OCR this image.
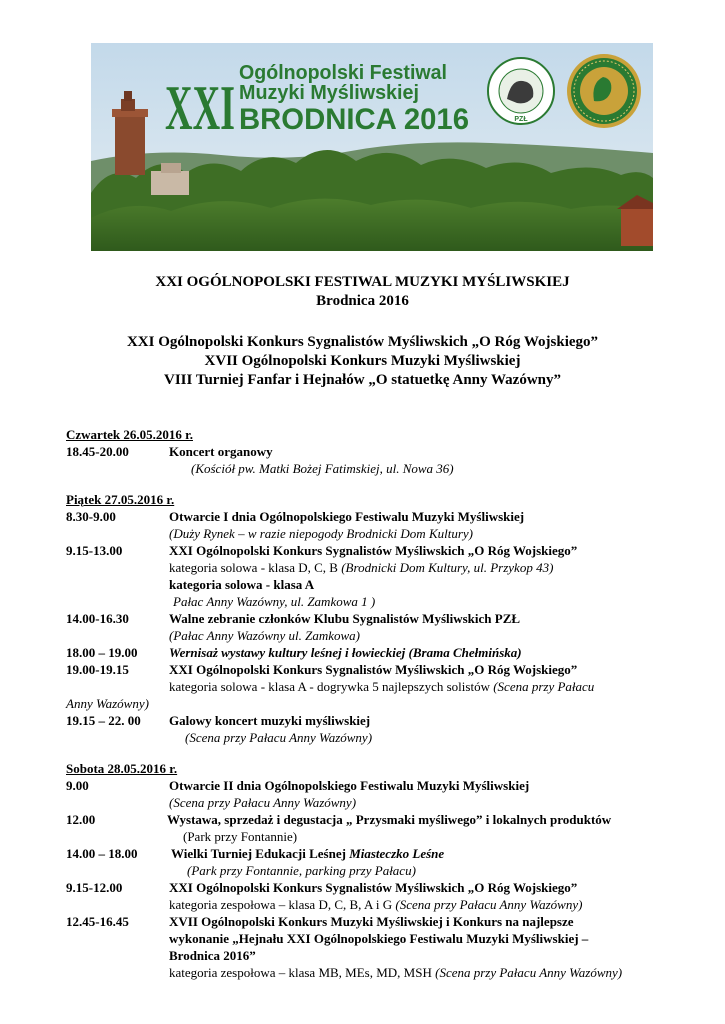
XXI Ogólnopolski Festiwal
Muzyki Myśliwskiej
BRODNICA 2016	PZŁ
XXI OGÓLNOPOLSKI FESTIWAL MUZYKI MYŚLIWSKIEJ
Brodnica 2016
XXI Ogólnopolski Konkurs Sygnalistów Myśliwskich „O Róg Wojskiego”
XVII Ogólnopolski Konkurs Muzyki Myśliwskiej
VIII Turniej Fanfar i Hejnałów „O statuetkę Anny Wazówny”
Czwartek 26.05.2016 r.
18.45-20.00	Koncert organowy
(Kościół pw. Matki Bożej Fatimskiej, ul. Nowa 36)
Piątek 27.05.2016 r.
8.30-9.00	Otwarcie I dnia Ogólnopolskiego Festiwalu Muzyki Myśliwskiej
(Duży Rynek – w razie niepogody Brodnicki Dom Kultury)
9.15-13.00	XXI Ogólnopolski Konkurs Sygnalistów Myśliwskich „O Róg Wojskiego”
kategoria solowa - klasa D, C, B (Brodnicki Dom Kultury, ul. Przykop 43)
kategoria solowa - klasa A
Pałac Anny Wazówny, ul. Zamkowa 1 )
14.00-16.30	Walne zebranie członków Klubu Sygnalistów Myśliwskich PZŁ
(Pałac Anny Wazówny ul. Zamkowa)
18.00 – 19.00	Wernisaż wystawy kultury leśnej i łowieckiej (Brama Chełmińska)
19.00-19.15	XXI Ogólnopolski Konkurs Sygnalistów Myśliwskich „O Róg Wojskiego”
kategoria solowa - klasa A - dogrywka 5 najlepszych solistów (Scena przy Pałacu
Anny Wazówny)
19.15 – 22. 00	Galowy koncert muzyki myśliwskiej
(Scena przy Pałacu Anny Wazówny)
Sobota 28.05.2016 r.
9.00	Otwarcie II dnia Ogólnopolskiego Festiwalu Muzyki Myśliwskiej
(Scena przy Pałacu Anny Wazówny)
12.00	Wystawa, sprzedaż i degustacja „ Przysmaki myśliwego” i lokalnych produktów
(Park przy Fontannie)
14.00 – 18.00	Wielki Turniej Edukacji Leśnej Miasteczko Leśne
(Park przy Fontannie, parking przy Pałacu)
9.15-12.00	XXI Ogólnopolski Konkurs Sygnalistów Myśliwskich „O Róg Wojskiego”
kategoria zespołowa – klasa D, C, B, A i G (Scena przy Pałacu Anny Wazówny)
12.45-16.45	XVII Ogólnopolski Konkurs Muzyki Myśliwskiej i Konkurs na najlepsze
wykonanie „Hejnału XXI Ogólnopolskiego Festiwalu Muzyki Myśliwskiej –
Brodnica 2016”
kategoria zespołowa – klasa MB, MEs, MD, MSH (Scena przy Pałacu Anny Wazówny)
